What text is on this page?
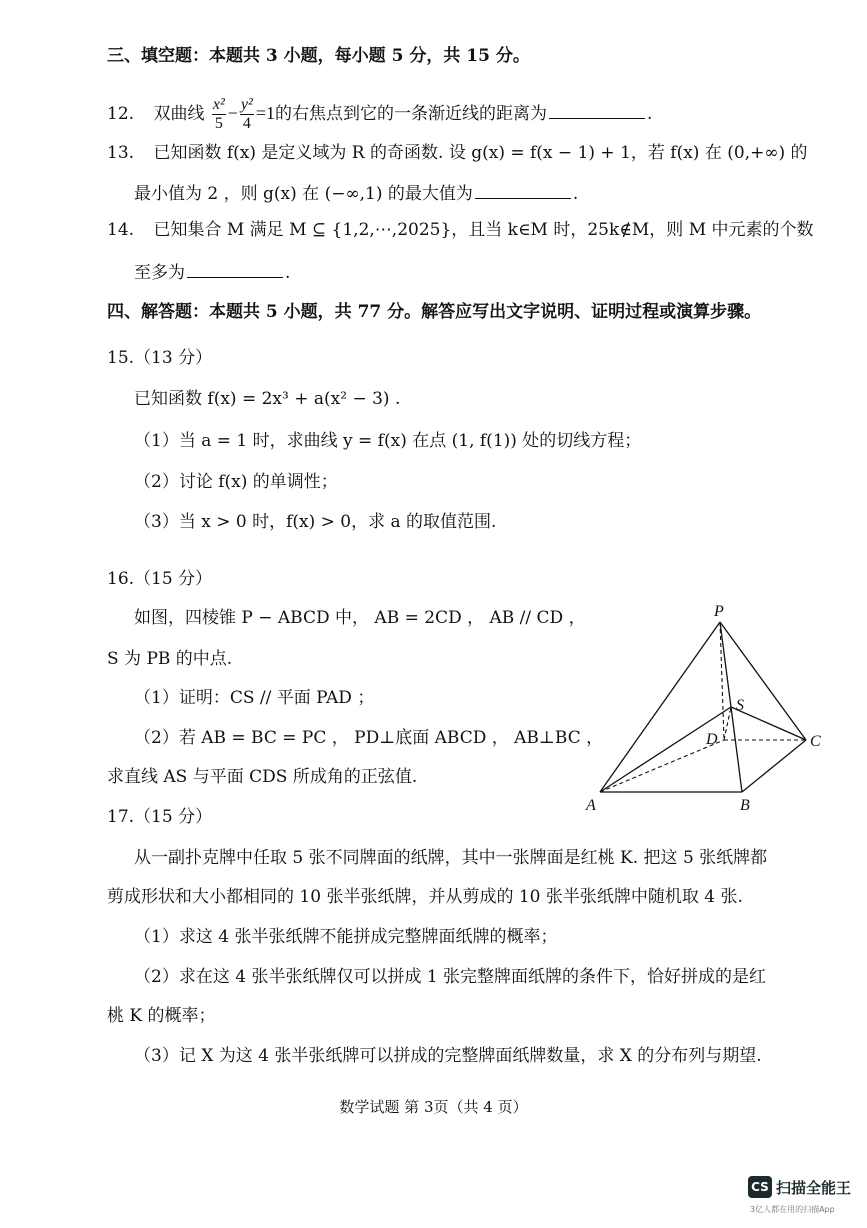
三、填空题：本题共 3 小题，每小题 5 分，共 15 分。
12. 双曲线 $\frac{\text{x²}}{5} - \frac{\text{y²}}{4} =1$的右焦点到它的一条渐近线的距离为	.
13. 已知函数 f(x) 是定义域为 R 的奇函数. 设 g(x) = f(x − 1) + 1，若 f(x) 在 (0,+∞) 的
最小值为 2 ，则 g(x) 在 (−∞,1) 的最大值为	.
14. 已知集合 M 满足 M ⊆ {1,2,⋯,2025}，且当 k∈M 时，25k∉M，则 M 中元素的个数
至多为	.
四、解答题：本题共 5 小题，共 77 分。解答应写出文字说明、证明过程或演算步骤。
15.（13 分）
已知函数 f(x) = 2x³ + a(x² − 3) .
（1）当 a = 1 时，求曲线 y = f(x) 在点 (1, f(1)) 处的切线方程；
（2）讨论 f(x) 的单调性；
（3）当 x > 0 时，f(x) > 0，求 a 的取值范围.
16.（15 分）
如图，四棱锥 P − ABCD 中， AB = 2CD ， AB // CD ，
S 为 PB 的中点.
（1）证明：CS // 平面 PAD ；
（2）若 AB = BC = PC ， PD⊥底面 ABCD ， AB⊥BC ，
求直线 AS 与平面 CDS 所成角的正弦值.
P
S
D	C
A	B
17.（15 分）
从一副扑克牌中任取 5 张不同牌面的纸牌，其中一张牌面是红桃 K. 把这 5 张纸牌都
剪成形状和大小都相同的 10 张半张纸牌，并从剪成的 10 张半张纸牌中随机取 4 张.
（1）求这 4 张半张纸牌不能拼成完整牌面纸牌的概率；
（2）求在这 4 张半张纸牌仅可以拼成 1 张完整牌面纸牌的条件下，恰好拼成的是红
桃 K 的概率；
（3）记 X 为这 4 张半张纸牌可以拼成的完整牌面纸牌数量，求 X 的分布列与期望.
数学试题 第 3页（共 4 页）
CS 扫描全能王
3亿人都在用的扫描App
